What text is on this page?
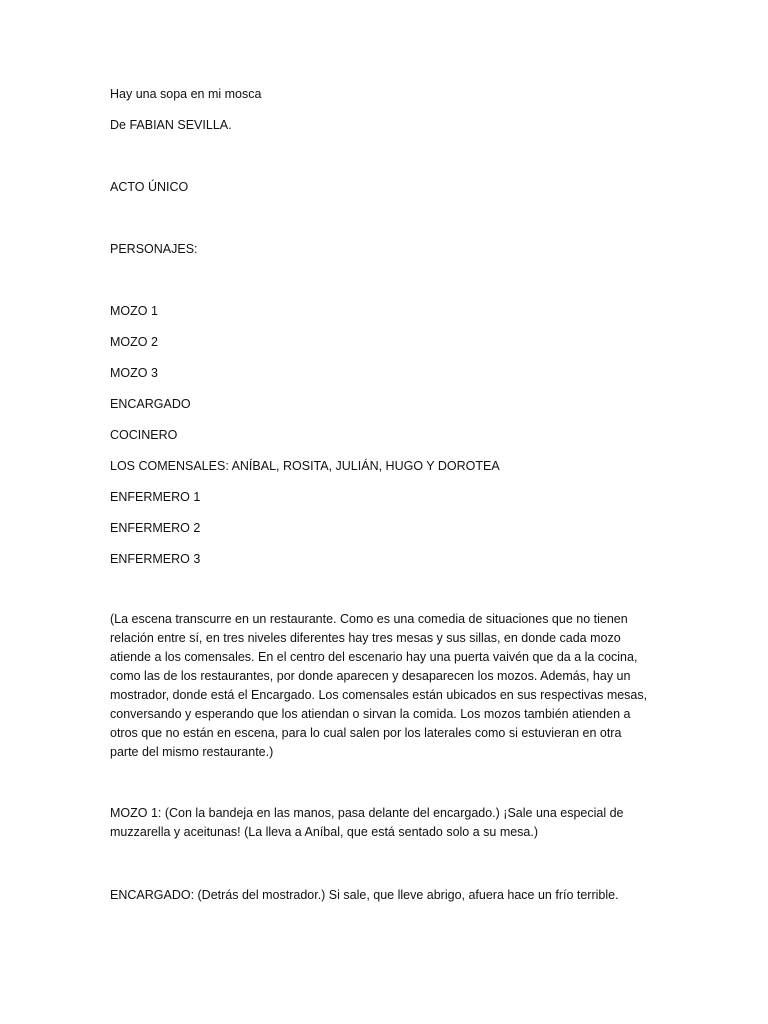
Hay una sopa en mi mosca
De FABIAN SEVILLA.
ACTO ÚNICO
PERSONAJES:
MOZO 1
MOZO 2
MOZO 3
ENCARGADO
COCINERO
LOS COMENSALES: ANÍBAL, ROSITA, JULIÁN, HUGO Y DOROTEA
ENFERMERO 1
ENFERMERO 2
ENFERMERO 3

(La escena transcurre en un restaurante. Como es una comedia de situaciones que no tienen

relación entre sí, en tres niveles diferentes hay tres mesas y sus sillas, en donde cada mozo

atiende a los comensales. En el centro del escenario hay una puerta vaivén que da a la cocina,

como las de los restaurantes, por donde aparecen y desaparecen los mozos. Además, hay un

mostrador, donde está el Encargado. Los comensales están ubicados en sus respectivas mesas,

conversando y esperando que los atiendan o sirvan la comida. Los mozos también atienden a

otros que no están en escena, para lo cual salen por los laterales como si estuvieran en otra

parte del mismo restaurante.)

MOZO 1: (Con la bandeja en las manos, pasa delante del encargado.) ¡Sale una especial de

muzzarella y aceitunas! (La lleva a Aníbal, que está sentado solo a su mesa.)

ENCARGADO: (Detrás del mostrador.) Si sale, que lleve abrigo, afuera hace un frío terrible.
